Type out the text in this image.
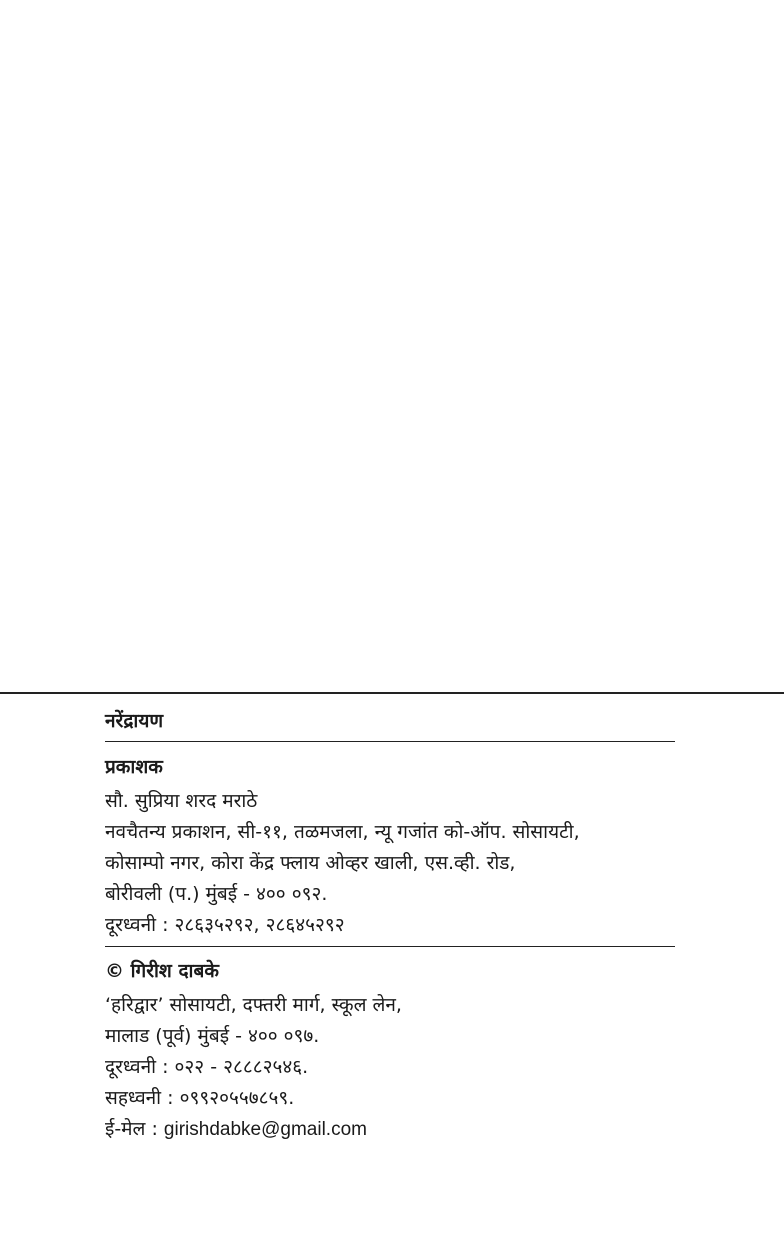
नरेंद्रायण

प्रकाशक

सौ. सुप्रिया शरद मराठे

नवचैतन्य प्रकाशन, सी-११, तळमजला, न्यू गजांत को-ऑप. सोसायटी,

कोसाम्पो नगर, कोरा केंद्र फ्लाय ओव्हर खाली, एस.व्ही. रोड,

बोरीवली (प.) मुंबई - ४०० ०९२.

दूरध्वनी : २८६३५२९२, २८६४५२९२

© गिरीश दाबके

‘हरिद्वार’ सोसायटी, दफ्तरी मार्ग, स्कूल लेन,

मालाड (पूर्व) मुंबई - ४०० ०९७.

दूरध्वनी : ०२२ - २८८८२५४६.

सहध्वनी : ०९९२०५५७८५९.

ई-मेल : girishdabke@gmail.com
